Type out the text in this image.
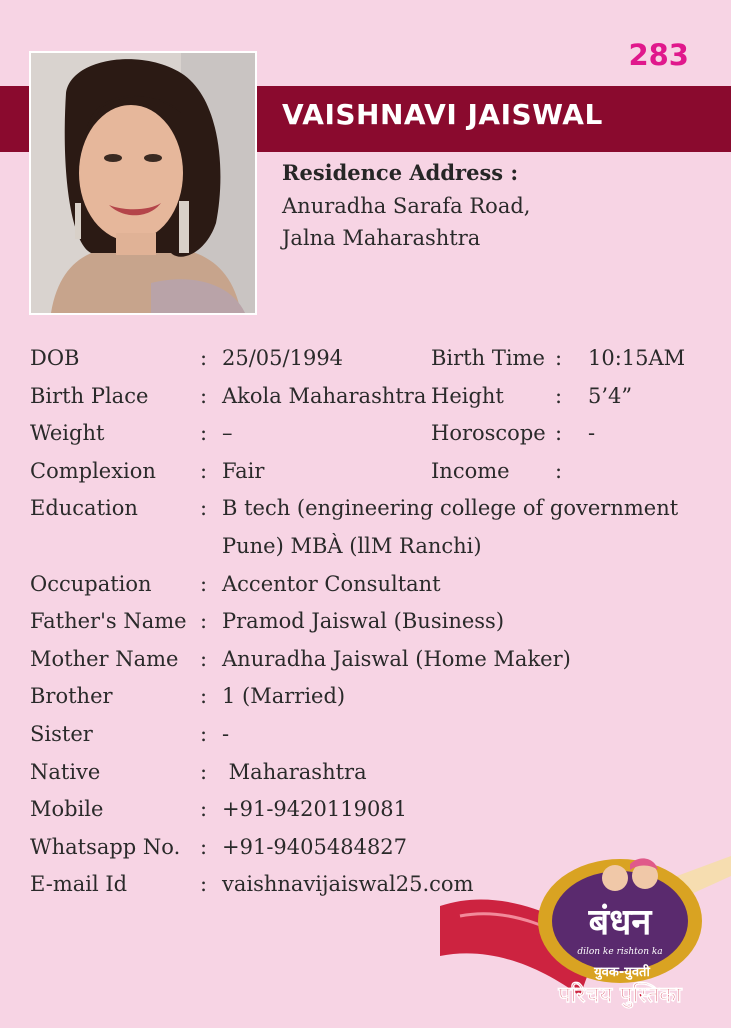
283
VAISHNAVI JAISWAL
Residence Address :
Anuradha Sarafa Road,
Jalna Maharashtra
DOB	: 25/05/1994	Birth Time : 10:15AM
Birth Place : Akola Maharashtra Height : 5’4”
Weight	: –	Horoscope : -
Complexion : Fair	Income :
Education	: B tech (engineering college of government Pune) MBÀ (llM Ranchi)
Occupation : Accentor Consultant
Father's Name : Pramod Jaiswal (Business)
Mother Name : Anuradha Jaiswal (Home Maker)
Brother	: 1 (Married)
Sister	: -
Native	: Maharashtra
Mobile	: +91-9420119081
Whatsapp No. : +91-9405484827
E-mail Id	: vaishnavijaiswal25.com
बंधन
dilon ke rishton ka
युवक-युवती
परिचय पुस्तिका
